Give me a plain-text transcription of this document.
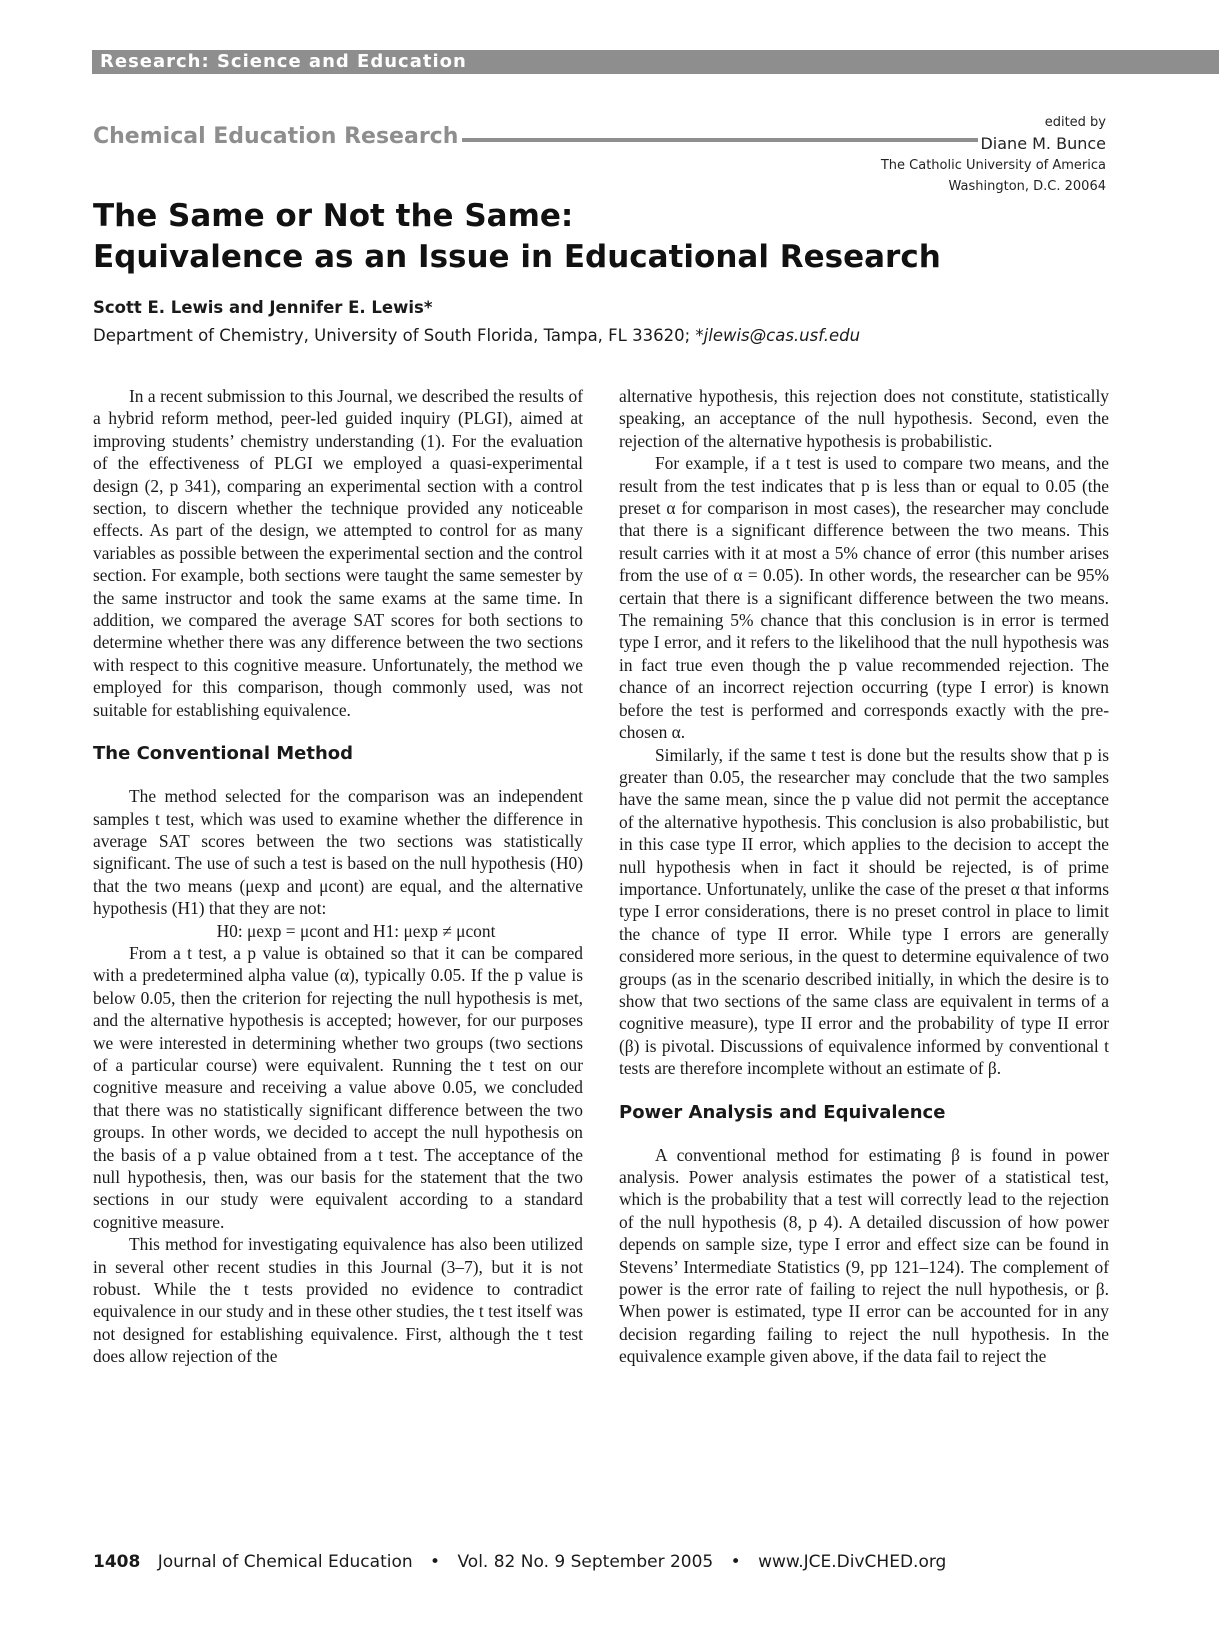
Research: Science and Education
Chemical Education Research
edited by
Diane M. Bunce
The Catholic University of America
Washington, D.C. 20064
The Same or Not the Same:
Equivalence as an Issue in Educational Research
Scott E. Lewis and Jennifer E. Lewis*
Department of Chemistry, University of South Florida, Tampa, FL 33620; *jlewis@cas.usf.edu

In a recent submission to this Journal, we described the results of a hybrid reform method, peer-led guided inquiry (PLGI), aimed at improving students’ chemistry understanding (1). For the evaluation of the effectiveness of PLGI we employed a quasi-experimental design (2, p 341), comparing an experimental section with a control section, to discern whether the technique provided any noticeable effects. As part of the design, we attempted to control for as many variables as possible between the experimental section and the control section. For example, both sections were taught the same semester by the same instructor and took the same exams at the same time. In addition, we compared the average SAT scores for both sections to determine whether there was any difference between the two sections with respect to this cognitive measure. Unfortunately, the method we employed for this comparison, though commonly used, was not suitable for establishing equivalence.

The Conventional Method

The method selected for the comparison was an independent samples t test, which was used to examine whether the difference in average SAT scores between the two sections was statistically significant. The use of such a test is based on the null hypothesis (H0) that the two means (μexp and μcont) are equal, and the alternative hypothesis (H1) that they are not:

H0: μexp = μcont and H1: μexp ≠ μcont

From a t test, a p value is obtained so that it can be compared with a predetermined alpha value (α), typically 0.05. If the p value is below 0.05, then the criterion for rejecting the null hypothesis is met, and the alternative hypothesis is accepted; however, for our purposes we were interested in determining whether two groups (two sections of a particular course) were equivalent. Running the t test on our cognitive measure and receiving a value above 0.05, we concluded that there was no statistically significant difference between the two groups. In other words, we decided to accept the null hypothesis on the basis of a p value obtained from a t test. The acceptance of the null hypothesis, then, was our basis for the statement that the two sections in our study were equivalent according to a standard cognitive measure.

This method for investigating equivalence has also been utilized in several other recent studies in this Journal (3–7), but it is not robust. While the t tests provided no evidence to contradict equivalence in our study and in these other studies, the t test itself was not designed for establishing equivalence. First, although the t test does allow rejection of the

alternative hypothesis, this rejection does not constitute, statistically speaking, an acceptance of the null hypothesis. Second, even the rejection of the alternative hypothesis is probabilistic.

For example, if a t test is used to compare two means, and the result from the test indicates that p is less than or equal to 0.05 (the preset α for comparison in most cases), the researcher may conclude that there is a significant difference between the two means. This result carries with it at most a 5% chance of error (this number arises from the use of α = 0.05). In other words, the researcher can be 95% certain that there is a significant difference between the two means. The remaining 5% chance that this conclusion is in error is termed type I error, and it refers to the likelihood that the null hypothesis was in fact true even though the p value recommended rejection. The chance of an incorrect rejection occurring (type I error) is known before the test is performed and corresponds exactly with the pre-chosen α.

Similarly, if the same t test is done but the results show that p is greater than 0.05, the researcher may conclude that the two samples have the same mean, since the p value did not permit the acceptance of the alternative hypothesis. This conclusion is also probabilistic, but in this case type II error, which applies to the decision to accept the null hypothesis when in fact it should be rejected, is of prime importance. Unfortunately, unlike the case of the preset α that informs type I error considerations, there is no preset control in place to limit the chance of type II error. While type I errors are generally considered more serious, in the quest to determine equivalence of two groups (as in the scenario described initially, in which the desire is to show that two sections of the same class are equivalent in terms of a cognitive measure), type II error and the probability of type II error (β) is pivotal. Discussions of equivalence informed by conventional t tests are therefore incomplete without an estimate of β.

Power Analysis and Equivalence

A conventional method for estimating β is found in power analysis. Power analysis estimates the power of a statistical test, which is the probability that a test will correctly lead to the rejection of the null hypothesis (8, p 4). A detailed discussion of how power depends on sample size, type I error and effect size can be found in Stevens’ Intermediate Statistics (9, pp 121–124). The complement of power is the error rate of failing to reject the null hypothesis, or β. When power is estimated, type II error can be accounted for in any decision regarding failing to reject the null hypothesis. In the equivalence example given above, if the data fail to reject the

1408 Journal of Chemical Education • Vol. 82 No. 9 September 2005 • www.JCE.DivCHED.org
